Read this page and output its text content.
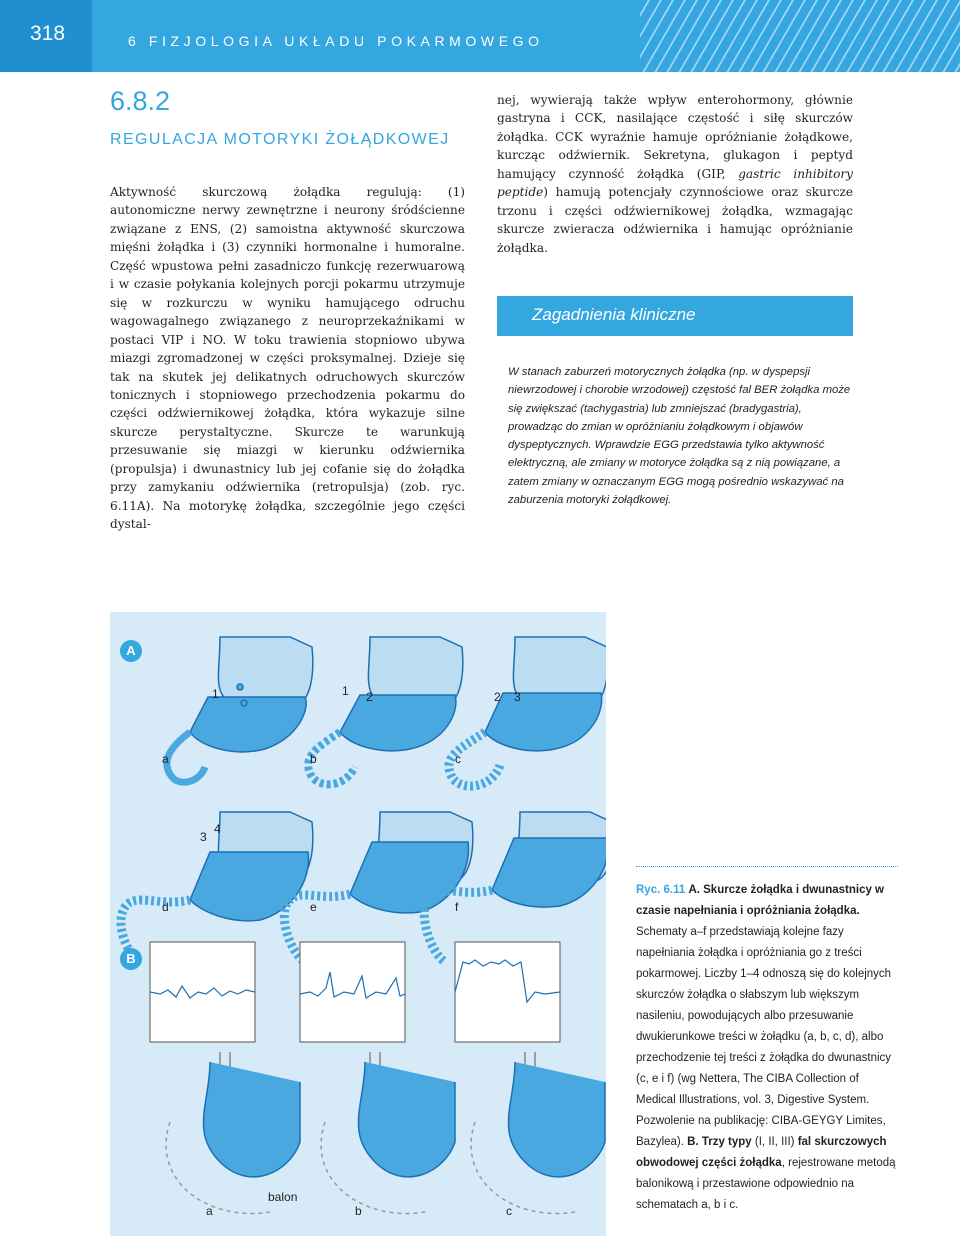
318	6 FIZJOLOGIA UKŁADU POKARMOWEGO
6.8.2
REGULACJA MOTORYKI ŻOŁĄDKOWEJ
Aktywność skurczową żołądka regulują: (1) autonomiczne nerwy zewnętrzne i neurony śródścienne związane z ENS, (2) samoistna aktywność skurczowa mięśni żołądka i (3) czynniki hormonalne i humoralne. Część wpustowa pełni zasadniczo funkcję rezerwuarową i w czasie połykania kolejnych porcji pokarmu utrzymuje się w rozkurczu w wyniku hamującego odruchu wagowagalnego związanego z neuroprzekaźnikami w postaci VIP i NO. W toku trawienia stopniowo ubywa miazgi zgromadzonej w części proksymalnej. Dzieje się tak na skutek jej delikatnych odruchowych skurczów tonicznych i stopniowego przechodzenia pokarmu do części odźwiernikowej żołądka, która wykazuje silne skurcze perystaltyczne. Skurcze te warunkują przesuwanie się miazgi w kierunku odźwiernika (propulsja) i dwunastnicy lub jej cofanie się do żołądka przy zamykaniu odźwiernika (retropulsja) (zob. ryc. 6.11A). Na motorykę żołądka, szczególnie jego części dystal-
nej, wywierają także wpływ enterohormony, głównie gastryna i CCK, nasilające częstość i siłę skurczów żołądka. CCK wyraźnie hamuje opróżnianie żołądkowe, kurcząc odźwiernik. Sekretyna, glukagon i peptyd hamujący czynność żołądka (GIP, gastric inhibitory peptide) hamują potencjały czynnościowe oraz skurcze trzonu i części odźwiernikowej żołądka, wzmagając skurcze zwieracza odźwiernika i hamując opróżnianie żołądka.
Zagadnienia kliniczne
W stanach zaburzeń motorycznych żołądka (np. w dyspepsji niewrzodowej i chorobie wrzodowej) częstość fal BER żołądka może się zwiększać (tachygastria) lub zmniejszać (bradygastria), prowadząc do zmian w opróżnianiu żołądkowym i objawów dyspeptycznych. Wprawdzie EGG przedstawia tylko aktywność elektryczną, ale zmiany w motoryce żołądka są z nią powiązane, a zatem zmiany w oznaczanym EGG mogą pośrednio wskazywać na zaburzenia motoryki żołądkowej.
A
B
a	b	c
d	e	f
1	1 2	2 3
3
4
a
balon
b	c
Ryc. 6.11 A. Skurcze żołądka i dwunastnicy w czasie napełniania i opróżniania żołądka. Schematy a–f przedstawiają kolejne fazy napełniania żołądka i opróżniania go z treści pokarmowej. Liczby 1–4 odnoszą się do kolejnych skurczów żołądka o słabszym lub większym nasileniu, powodujących albo przesuwanie dwukierunkowe treści w żołądku (a, b, c, d), albo przechodzenie tej treści z żołądka do dwunastnicy (c, e i f) (wg Nettera, The CIBA Collection of Medical Illustrations, vol. 3, Digestive System. Pozwolenie na publikację: CIBA-GEYGY Limites, Bazylea). B. Trzy typy (I, II, III) fal skurczowych obwodowej części żołądka, rejestrowane metodą balonikową i przestawione odpowiednio na schematach a, b i c.
